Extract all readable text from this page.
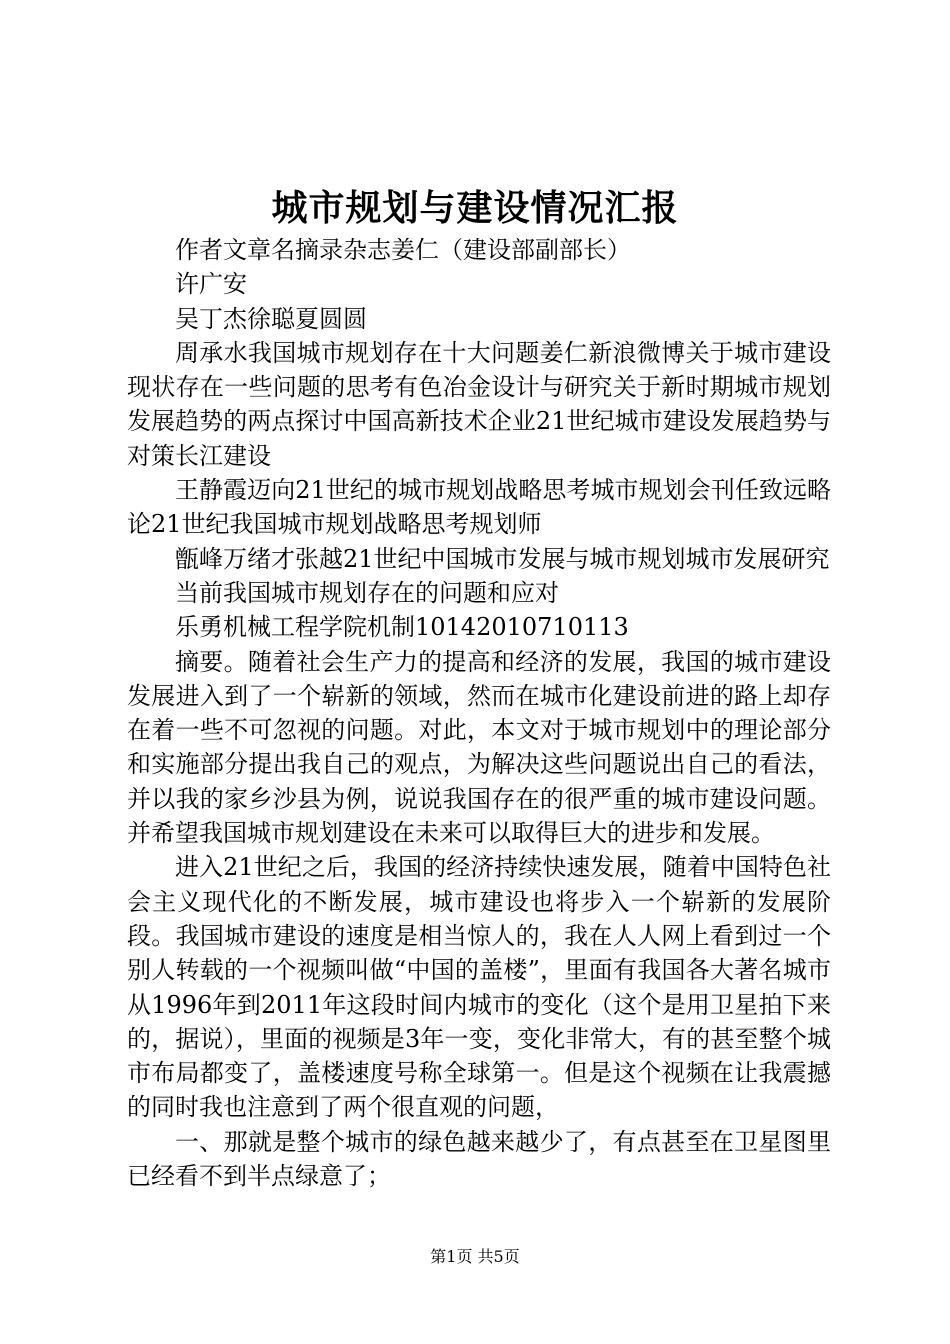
城市规划与建设情况汇报

作者文章名摘录杂志姜仁（建设部副部长）

许广安

吴丁杰徐聪夏圆圆

周承水我国城市规划存在十大问题姜仁新浪微博关于城市建设现状存在一些问题的思考有色冶金设计与研究关于新时期城市规划发展趋势的两点探讨中国高新技术企业21世纪城市建设发展趋势与对策长江建设

王静霞迈向21世纪的城市规划战略思考城市规划会刊任致远略论21世纪我国城市规划战略思考规划师

甑峰万绪才张越21世纪中国城市发展与城市规划城市发展研究

当前我国城市规划存在的问题和应对

乐勇机械工程学院机制10142010710113

摘要。随着社会生产力的提高和经济的发展，我国的城市建设发展进入到了一个崭新的领域，然而在城市化建设前进的路上却存在着一些不可忽视的问题。对此，本文对于城市规划中的理论部分和实施部分提出我自己的观点，为解决这些问题说出自己的看法，并以我的家乡沙县为例，说说我国存在的很严重的城市建设问题。并希望我国城市规划建设在未来可以取得巨大的进步和发展。

进入21世纪之后，我国的经济持续快速发展，随着中国特色社会主义现代化的不断发展，城市建设也将步入一个崭新的发展阶段。我国城市建设的速度是相当惊人的，我在人人网上看到过一个别人转载的一个视频叫做“中国的盖楼”，里面有我国各大著名城市从1996年到2011年这段时间内城市的变化（这个是用卫星拍下来的，据说），里面的视频是3年一变，变化非常大，有的甚至整个城市布局都变了，盖楼速度号称全球第一。但是这个视频在让我震撼的同时我也注意到了两个很直观的问题，

一、那就是整个城市的绿色越来越少了，有点甚至在卫星图里已经看不到半点绿意了；

第1页 共5页
